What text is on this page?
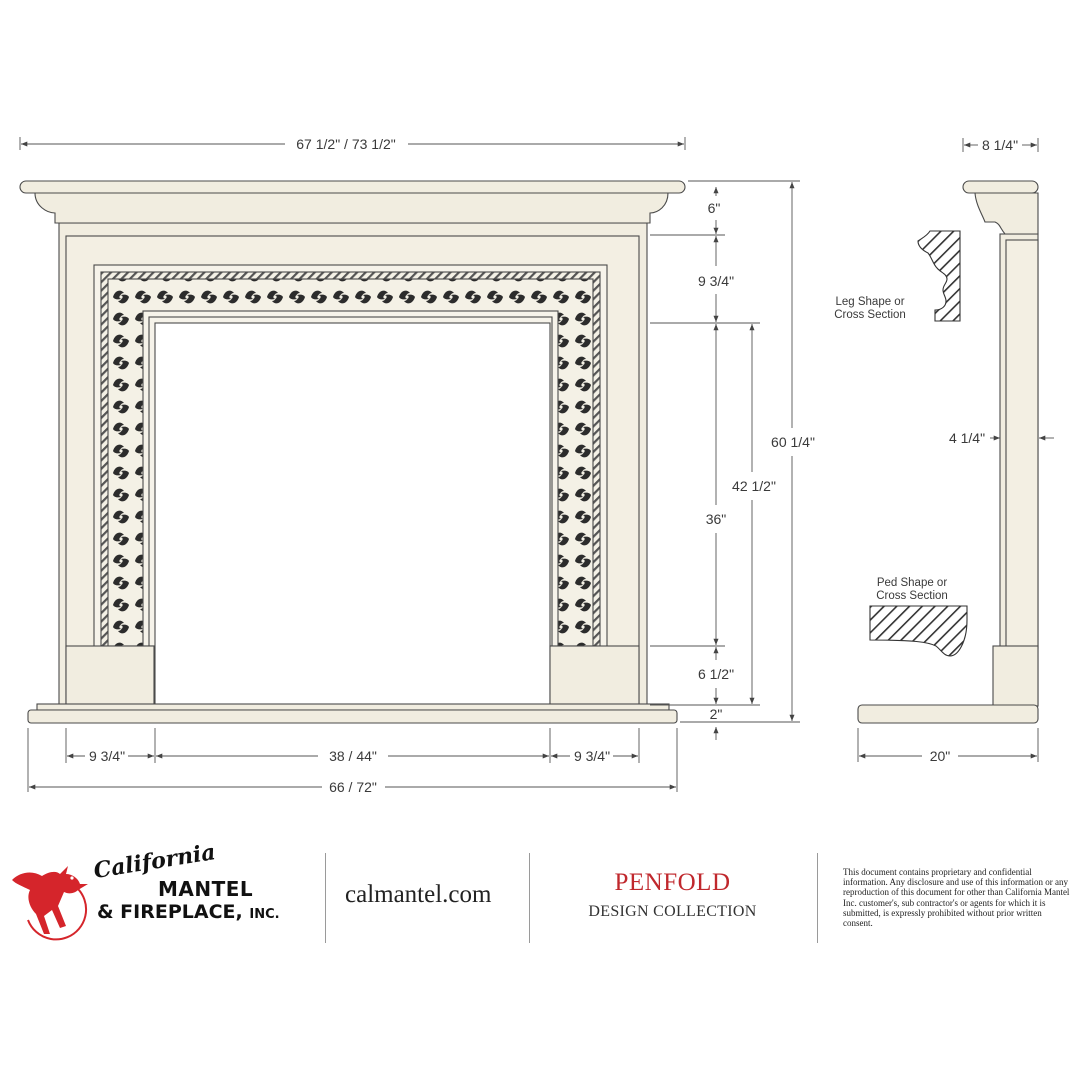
67 1/2" / 73 1/2"	8 1/4"
6"
9 3/4"
36"
6 1/2"
2"
42 1/2"
60 1/4"
9 3/4"	38 / 44"	9 3/4"
66 / 72"
4 1/4"
20"
Leg Shape or
Cross Section
Ped Shape or
Cross Section
California
MANTEL
& FIREPLACE, INC.
calmantel.com	PENFOLD
DESIGN COLLECTION
This document contains proprietary and confidential information. Any disclosure and use of this information or any reproduction of this document for other than California Mantel Inc. customer's, sub contractor's or agents for which it is submitted, is expressly prohibited without prior written consent.
